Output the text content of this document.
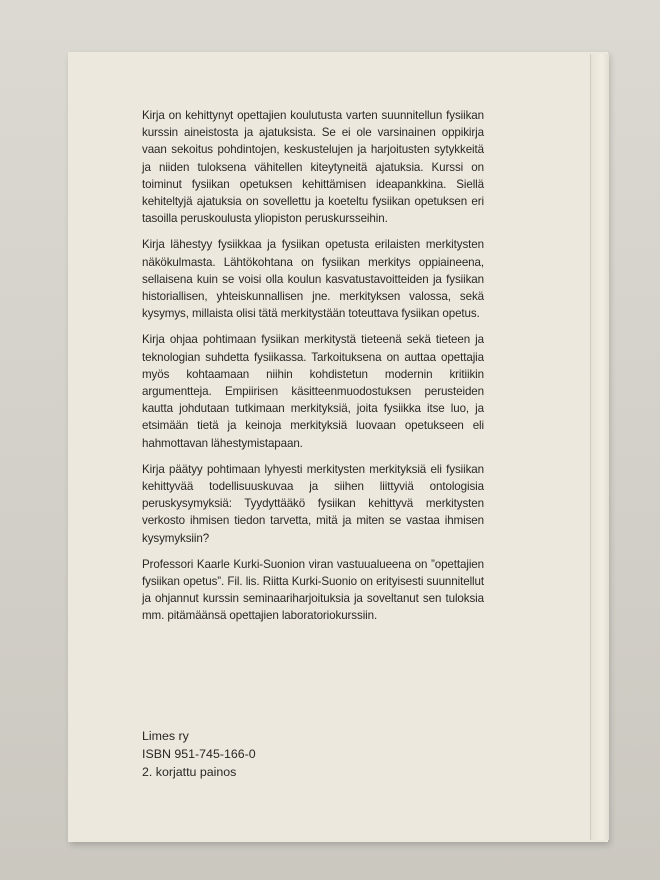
Kirja on kehittynyt opettajien koulutusta varten suunnitellun fysiikan kurssin aineistosta ja ajatuksista. Se ei ole varsinainen oppikirja vaan sekoitus pohdintojen, keskustelujen ja harjoitusten sytykkeitä ja niiden tuloksena vähitellen kiteytyneitä ajatuksia. Kurssi on toiminut fysiikan opetuksen kehittämisen ideapankkina. Siellä kehiteltyjä ajatuksia on sovellettu ja koeteltu fysiikan opetuksen eri tasoilla peruskoulusta yliopiston peruskursseihin.

Kirja lähestyy fysiikkaa ja fysiikan opetusta erilaisten merkitysten näkökulmasta. Lähtökohtana on fysiikan merkitys oppiaineena, sellaisena kuin se voisi olla koulun kasvatustavoitteiden ja fysiikan historiallisen, yhteiskunnallisen jne. merkityksen valossa, sekä kysymys, millaista olisi tätä merkitystään toteuttava fysiikan opetus.

Kirja ohjaa pohtimaan fysiikan merkitystä tieteenä sekä tieteen ja teknologian suhdetta fysiikassa. Tarkoituksena on auttaa opettajia myös kohtaamaan niihin kohdistetun modernin kritiikin argumentteja. Empiirisen käsitteenmuodostuksen perusteiden kautta johdutaan tutkimaan merkityksiä, joita fysiikka itse luo, ja etsimään tietä ja keinoja merkityksiä luovaan opetukseen eli hahmottavan lähestymistapaan.

Kirja päätyy pohtimaan lyhyesti merkitysten merkityksiä eli fysiikan kehittyvää todellisuuskuvaa ja siihen liittyviä ontologisia peruskysymyksiä: Tyydyttääkö fysiikan kehittyvä merkitysten verkosto ihmisen tiedon tarvetta, mitä ja miten se vastaa ihmisen kysymyksiin?

Professori Kaarle Kurki-Suonion viran vastuualueena on ”opettajien fysiikan opetus”. Fil. lis. Riitta Kurki-Suonio on erityisesti suunnitellut ja ohjannut kurssin seminaariharjoituksia ja soveltanut sen tuloksia mm. pitämäänsä opettajien laboratoriokurssiin.

Limes ry
ISBN 951-745-166-0
2. korjattu painos
